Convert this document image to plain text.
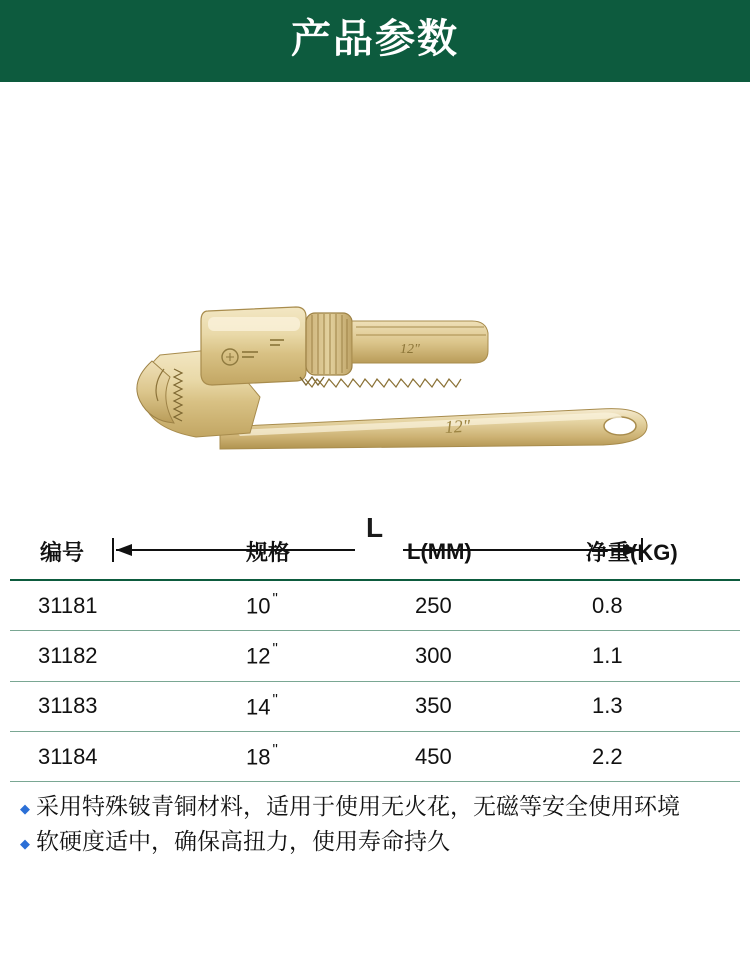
产品参数
12"
12"
L
编号	规格	L(MM)	净重(KG)
31181	10 "	250	0.8
31182	12 "	300	1.1
31183	14 "	350	1.3
31184	18 "	450	2.2
◆ 采用特殊铍青铜材料，适用于使用无火花，无磁等安全使用环境
◆ 软硬度适中，确保高扭力，使用寿命持久
